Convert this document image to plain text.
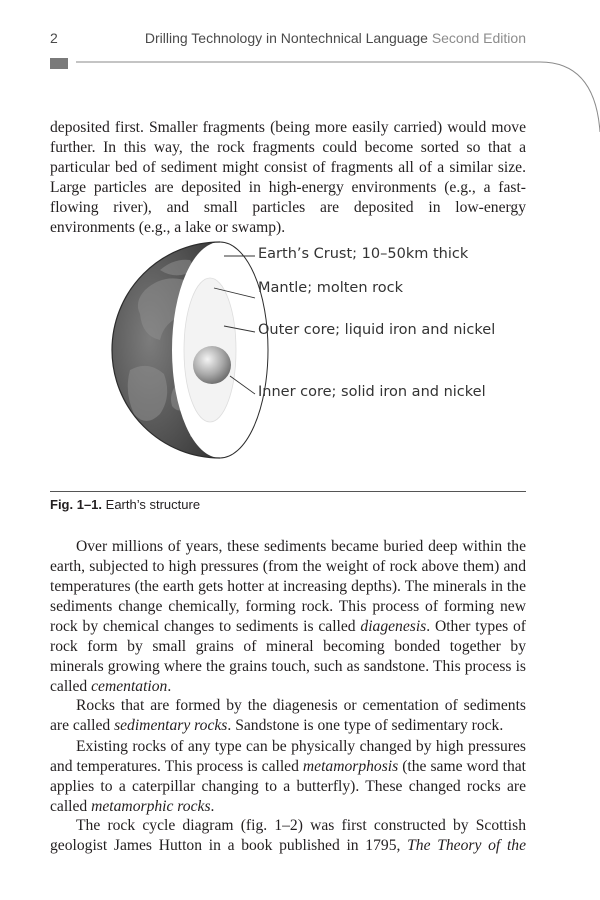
2	Drilling Technology in Nontechnical Language Second Edition

deposited first. Smaller fragments (being more easily carried) would move further. In this way, the rock fragments could become sorted so that a particular bed of sediment might consist of fragments all of a similar size. Large particles are deposited in high-energy environments (e.g., a fast-flowing river), and small particles are deposited in low-energy environments (e.g., a lake or swamp).

Earth’s Crust; 10–50km thick
Mantle; molten rock
Outer core; liquid iron and nickel
Inner core; solid iron and nickel
Fig. 1–1. Earth’s structure

Over millions of years, these sediments became buried deep within the earth, subjected to high pressures (from the weight of rock above them) and temperatures (the earth gets hotter at increasing depths). The minerals in the sediments change chemically, forming rock. This process of forming new rock by chemical changes to sediments is called diagenesis. Other types of rock form by small grains of mineral becoming bonded together by minerals growing where the grains touch, such as sandstone. This process is called cementation.

Rocks that are formed by the diagenesis or cementation of sediments are called sedimentary rocks. Sandstone is one type of sedimentary rock.

Existing rocks of any type can be physically changed by high pressures and temperatures. This process is called metamorphosis (the same word that applies to a caterpillar changing to a butterfly). These changed rocks are called metamorphic rocks.

The rock cycle diagram (fig. 1–2) was first constructed by Scottish geologist James Hutton in a book published in 1795, The Theory of the
